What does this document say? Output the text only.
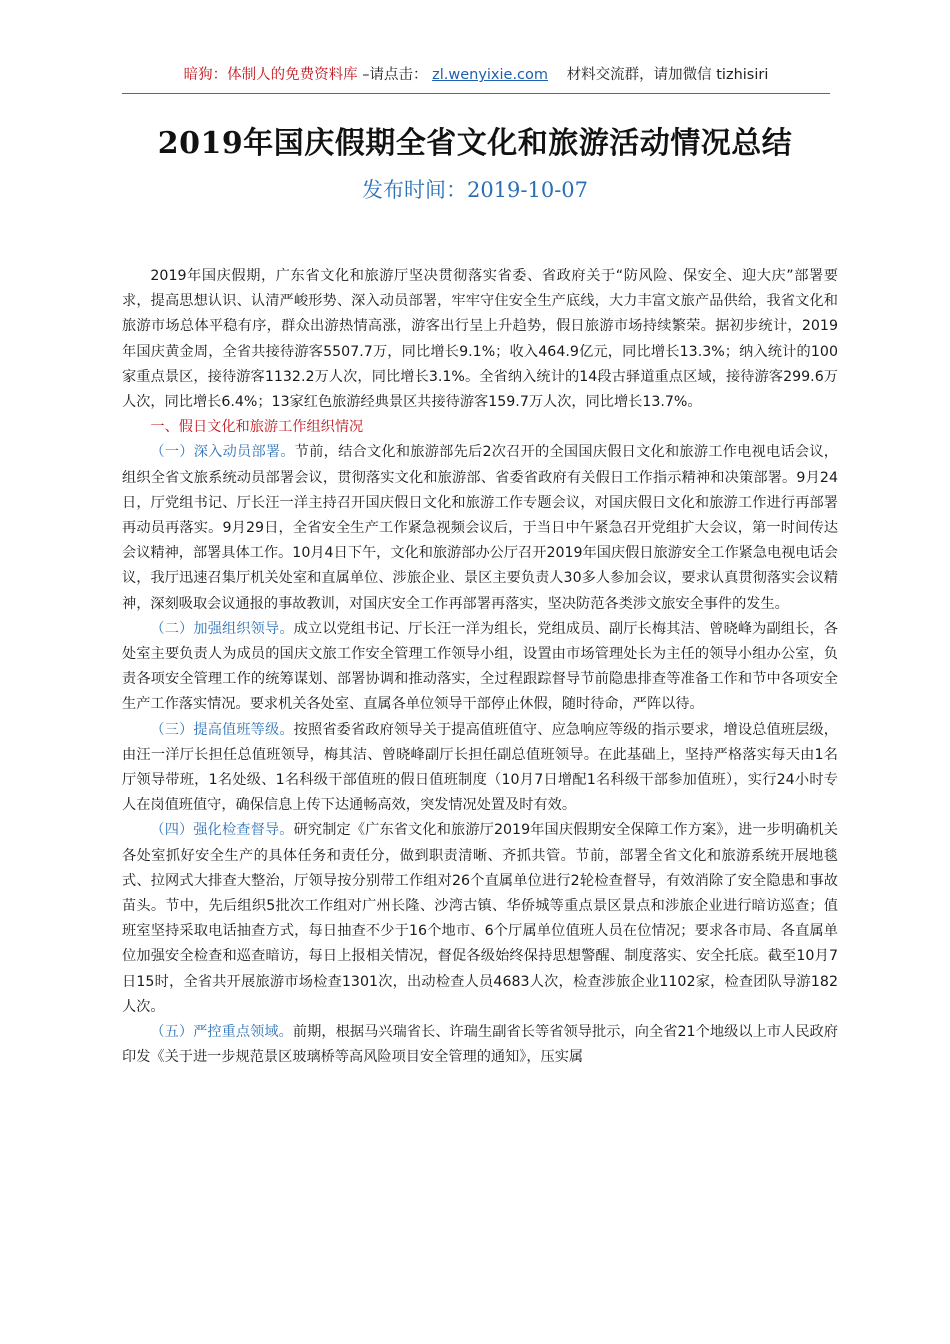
暗狗：体制人的免费资料库 –请点击： zl.wenyixie.com 材料交流群，请加微信 tizhisiri
2019年国庆假期全省文化和旅游活动情况总结
发布时间：2019-10-07

2019年国庆假期，广东省文化和旅游厅坚决贯彻落实省委、省政府关于“防风险、保安全、迎大庆”部署要求，提高思想认识、认清严峻形势、深入动员部署，牢牢守住安全生产底线，大力丰富文旅产品供给，我省文化和旅游市场总体平稳有序，群众出游热情高涨，游客出行呈上升趋势，假日旅游市场持续繁荣。据初步统计，2019年国庆黄金周，全省共接待游客5507.7万，同比增长9.1%；收入464.9亿元，同比增长13.3%；纳入统计的100家重点景区，接待游客1132.2万人次，同比增长3.1%。全省纳入统计的14段古驿道重点区域，接待游客299.6万人次，同比增长6.4%；13家红色旅游经典景区共接待游客159.7万人次，同比增长13.7%。

一、假日文化和旅游工作组织情况

（一）深入动员部署。节前，结合文化和旅游部先后2次召开的全国国庆假日文化和旅游工作电视电话会议，组织全省文旅系统动员部署会议，贯彻落实文化和旅游部、省委省政府有关假日工作指示精神和决策部署。9月24日，厅党组书记、厅长汪一洋主持召开国庆假日文化和旅游工作专题会议，对国庆假日文化和旅游工作进行再部署再动员再落实。9月29日，全省安全生产工作紧急视频会议后，于当日中午紧急召开党组扩大会议，第一时间传达会议精神，部署具体工作。10月4日下午，文化和旅游部办公厅召开2019年国庆假日旅游安全工作紧急电视电话会议，我厅迅速召集厅机关处室和直属单位、涉旅企业、景区主要负责人30多人参加会议，要求认真贯彻落实会议精神，深刻吸取会议通报的事故教训，对国庆安全工作再部署再落实，坚决防范各类涉文旅安全事件的发生。

（二）加强组织领导。成立以党组书记、厅长汪一洋为组长，党组成员、副厅长梅其洁、曾晓峰为副组长，各处室主要负责人为成员的国庆文旅工作安全管理工作领导小组，设置由市场管理处长为主任的领导小组办公室，负责各项安全管理工作的统筹谋划、部署协调和推动落实，全过程跟踪督导节前隐患排查等准备工作和节中各项安全生产工作落实情况。要求机关各处室、直属各单位领导干部停止休假，随时待命，严阵以待。

（三）提高值班等级。按照省委省政府领导关于提高值班值守、应急响应等级的指示要求，增设总值班层级，由汪一洋厅长担任总值班领导，梅其洁、曾晓峰副厅长担任副总值班领导。在此基础上，坚持严格落实每天由1名厅领导带班，1名处级、1名科级干部值班的假日值班制度（10月7日增配1名科级干部参加值班），实行24小时专人在岗值班值守，确保信息上传下达通畅高效，突发情况处置及时有效。

（四）强化检查督导。研究制定《广东省文化和旅游厅2019年国庆假期安全保障工作方案》，进一步明确机关各处室抓好安全生产的具体任务和责任分，做到职责清晰、齐抓共管。节前，部署全省文化和旅游系统开展地毯式、拉网式大排查大整治，厅领导按分别带工作组对26个直属单位进行2轮检查督导，有效消除了安全隐患和事故苗头。节中，先后组织5批次工作组对广州长隆、沙湾古镇、华侨城等重点景区景点和涉旅企业进行暗访巡查；值班室坚持采取电话抽查方式，每日抽查不少于16个地市、6个厅属单位值班人员在位情况；要求各市局、各直属单位加强安全检查和巡查暗访，每日上报相关情况，督促各级始终保持思想警醒、制度落实、安全托底。截至10月7日15时，全省共开展旅游市场检查1301次，出动检查人员4683人次，检查涉旅企业1102家，检查团队导游182人次。

（五）严控重点领域。前期，根据马兴瑞省长、许瑞生副省长等省领导批示，向全省21个地级以上市人民政府印发《关于进一步规范景区玻璃桥等高风险项目安全管理的通知》，压实属
